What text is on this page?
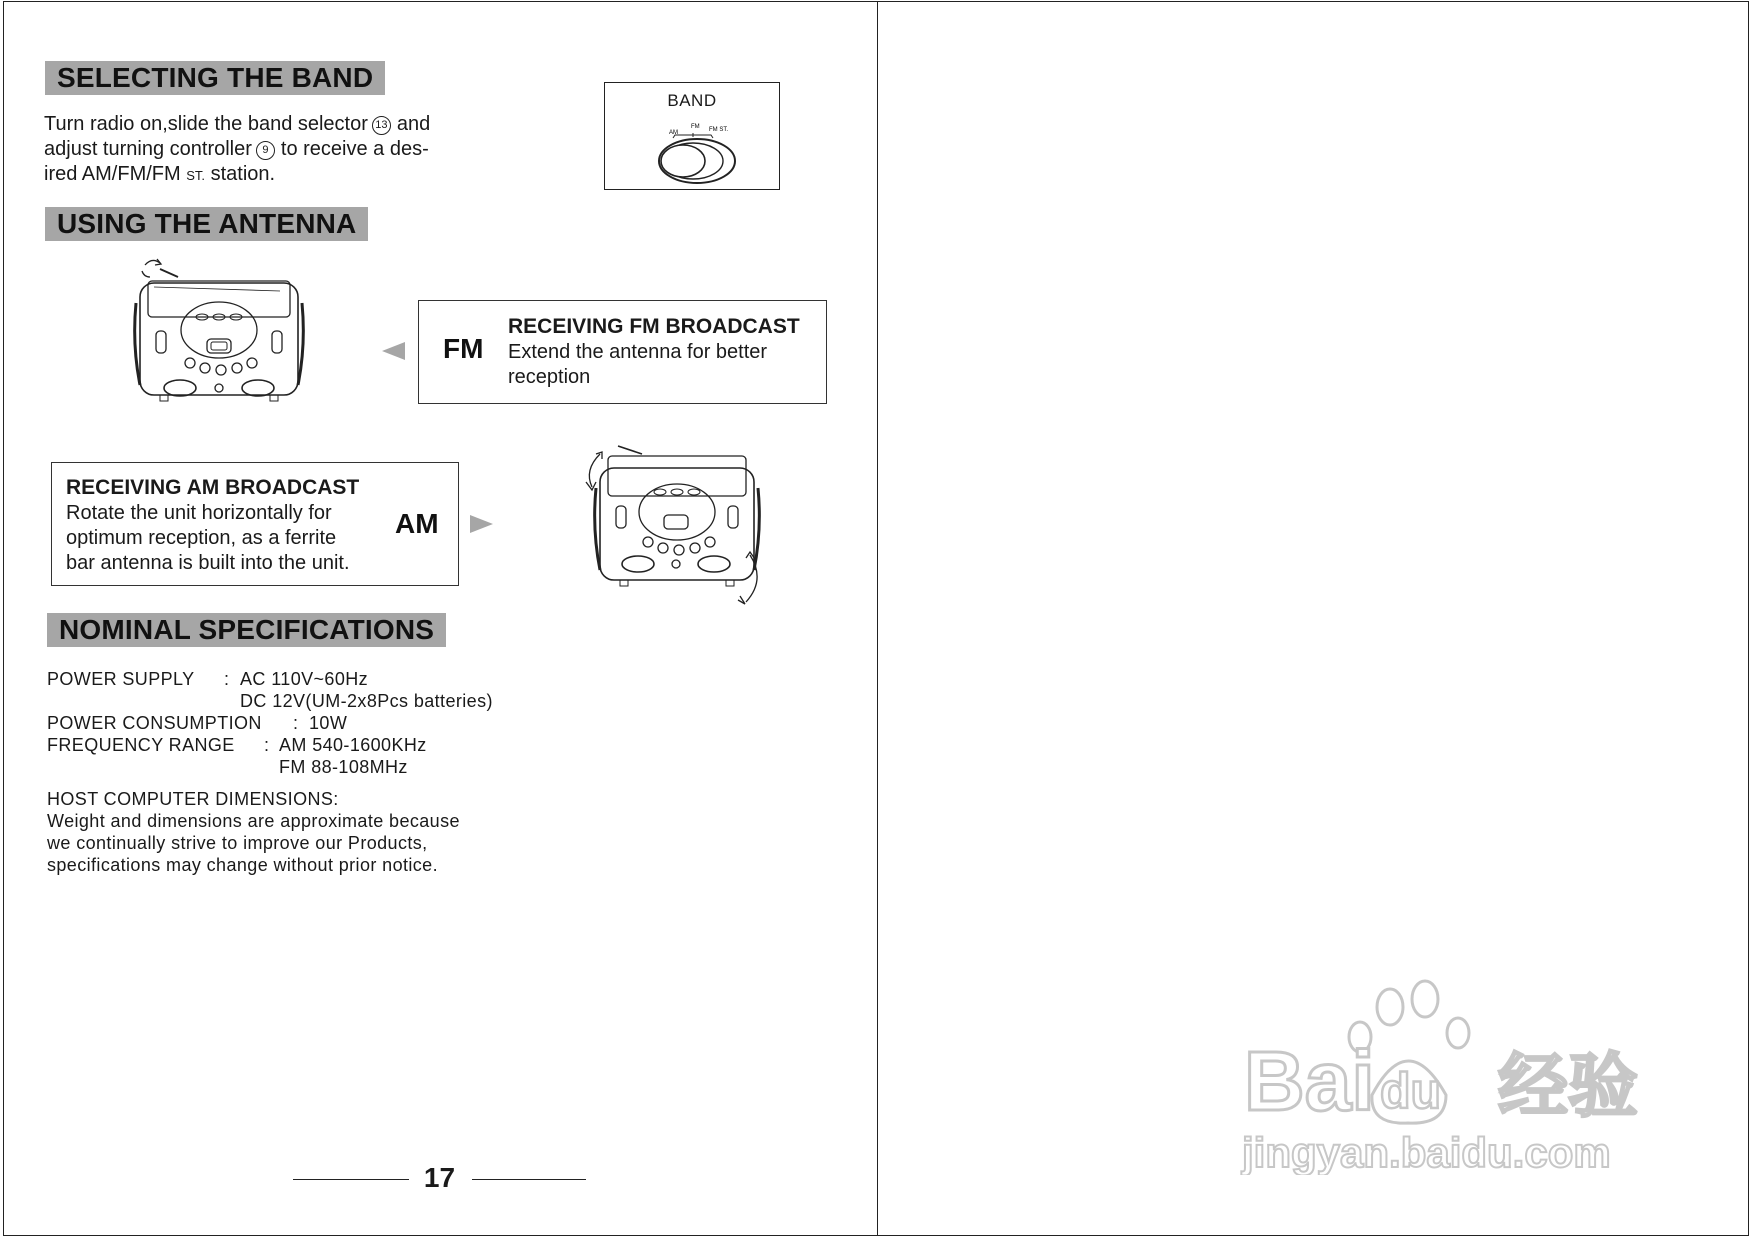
SELECTING THE BAND

Turn radio on,slide the band selector 13 and

adjust turning controller 9 to receive a des-

ired AM/FM/FM ST. station.

BAND
AM
FM FM ST.
USING THE ANTENNA
FM
RECEIVING FM BROADCAST
Extend the antenna for better
reception
RECEIVING AM BROADCAST
Rotate the unit horizontally for
optimum reception, as a ferrite
bar antenna is built into the unit.
AM
NOMINAL SPECIFICATIONS
POWER SUPPLY : AC 110V~60Hz
DC 12V(UM-2x8Pcs batteries)
POWER CONSUMPTION : 10W
FREQUENCY RANGE : AM 540-1600KHz
FM 88-108MHz
HOST COMPUTER DIMENSIONS:
Weight and dimensions are approximate because
we continually strive to improve our Products,
specifications may change without prior notice.
17
Bai du 经验
jingyan.baidu.com
